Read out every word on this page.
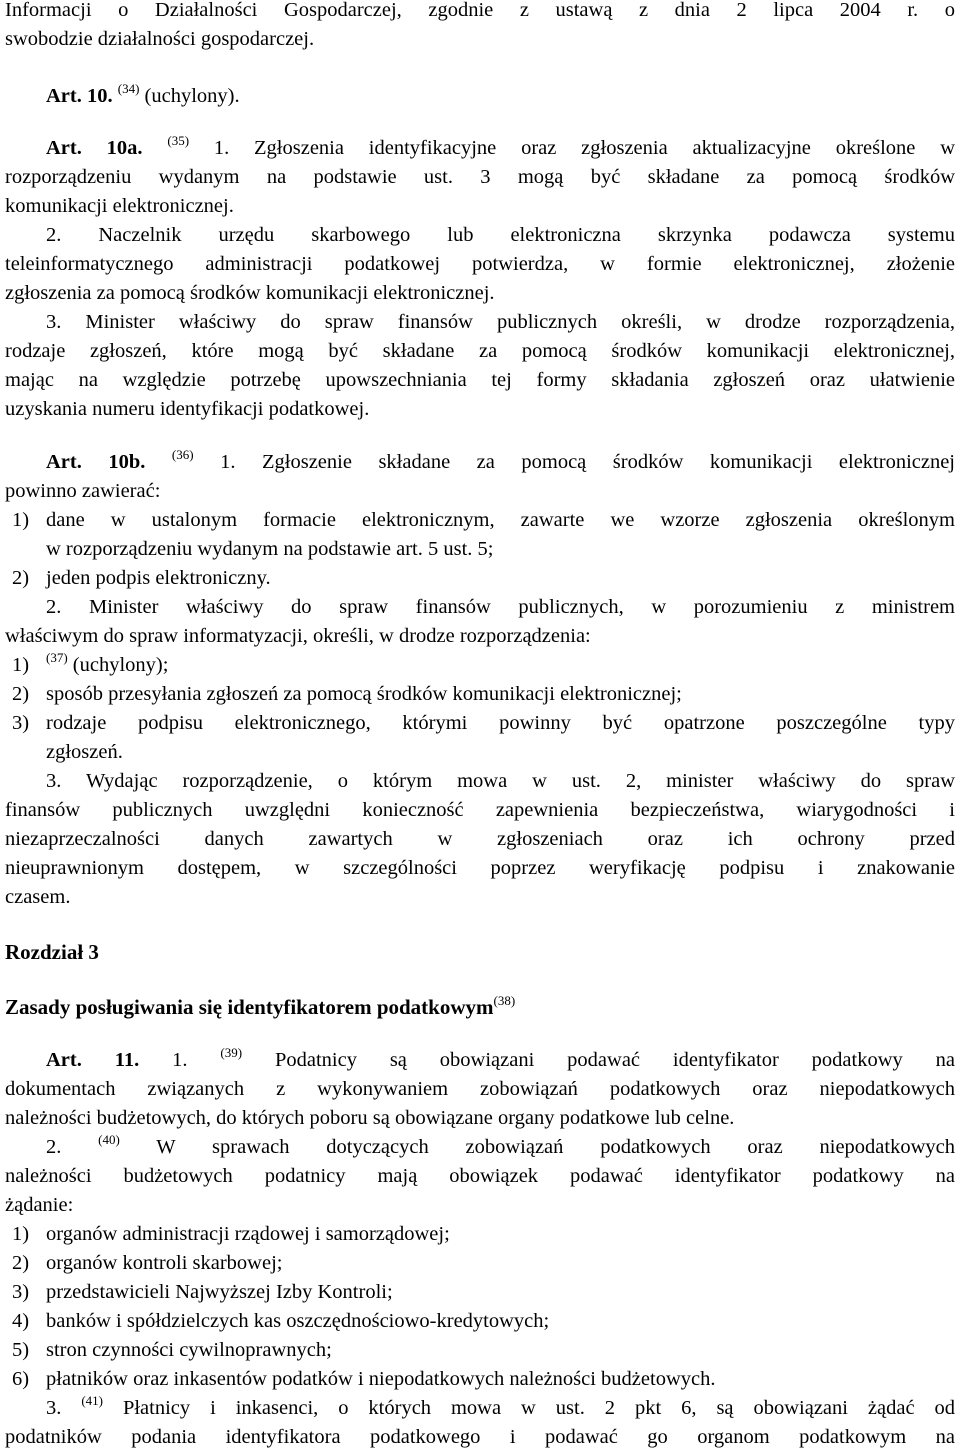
Informacji o Działalności Gospodarczej, zgodnie z ustawą z dnia 2 lipca 2004 r. o
swobodzie działalności gospodarczej.
Art. 10. $^{(34)}$ (uchylony).
Art. 10a. $^{(35)}$ 1. Zgłoszenia identyfikacyjne oraz zgłoszenia aktualizacyjne określone w
rozporządzeniu wydanym na podstawie ust. 3 mogą być składane za pomocą środków
komunikacji elektronicznej.
2. Naczelnik urzędu skarbowego lub elektroniczna skrzynka podawcza systemu
teleinformatycznego administracji podatkowej potwierdza, w formie elektronicznej, złożenie
zgłoszenia za pomocą środków komunikacji elektronicznej.
3. Minister właściwy do spraw finansów publicznych określi, w drodze rozporządzenia,
rodzaje zgłoszeń, które mogą być składane za pomocą środków komunikacji elektronicznej,
mając na względzie potrzebę upowszechniania tej formy składania zgłoszeń oraz ułatwienie
uzyskania numeru identyfikacji podatkowej.
Art. 10b. $^{(36)}$ 1. Zgłoszenie składane za pomocą środków komunikacji elektronicznej
powinno zawierać:
1) dane w ustalonym formacie elektronicznym, zawarte we wzorze zgłoszenia określonym
w rozporządzeniu wydanym na podstawie art. 5 ust. 5;
2) jeden podpis elektroniczny.
2. Minister właściwy do spraw finansów publicznych, w porozumieniu z ministrem
właściwym do spraw informatyzacji, określi, w drodze rozporządzenia:
1) $^{(37)}$ (uchylony);
2) sposób przesyłania zgłoszeń za pomocą środków komunikacji elektronicznej;
3) rodzaje podpisu elektronicznego, którymi powinny być opatrzone poszczególne typy
zgłoszeń.
3. Wydając rozporządzenie, o którym mowa w ust. 2, minister właściwy do spraw
finansów publicznych uwzględni konieczność zapewnienia bezpieczeństwa, wiarygodności i
niezaprzeczalności danych zawartych w zgłoszeniach oraz ich ochrony przed
nieuprawnionym dostępem, w szczególności poprzez weryfikację podpisu i znakowanie
czasem.
Rozdział 3
Zasady posługiwania się identyfikatorem podatkowym$^{(38)}$
Art. 11. 1.	$^{(39)}$ Podatnicy są obowiązani podawać identyfikator podatkowy na
dokumentach związanych z wykonywaniem zobowiązań podatkowych oraz niepodatkowych
należności budżetowych, do których poboru są obowiązane organy podatkowe lub celne.
2.	$^{(40)}$ W sprawach dotyczących zobowiązań podatkowych oraz niepodatkowych
należności budżetowych podatnicy mają obowiązek podawać identyfikator podatkowy na
żądanie:
1) organów administracji rządowej i samorządowej;
2) organów kontroli skarbowej;
3) przedstawicieli Najwyższej Izby Kontroli;
4) banków i spółdzielczych kas oszczędnościowo-kredytowych;
5) stron czynności cywilnoprawnych;
6) płatników oraz inkasentów podatków i niepodatkowych należności budżetowych.
3. $^{(41)}$ Płatnicy i inkasenci, o których mowa w ust. 2 pkt 6, są obowiązani żądać od
podatników podania identyfikatora podatkowego i podawać go organom podatkowym na
